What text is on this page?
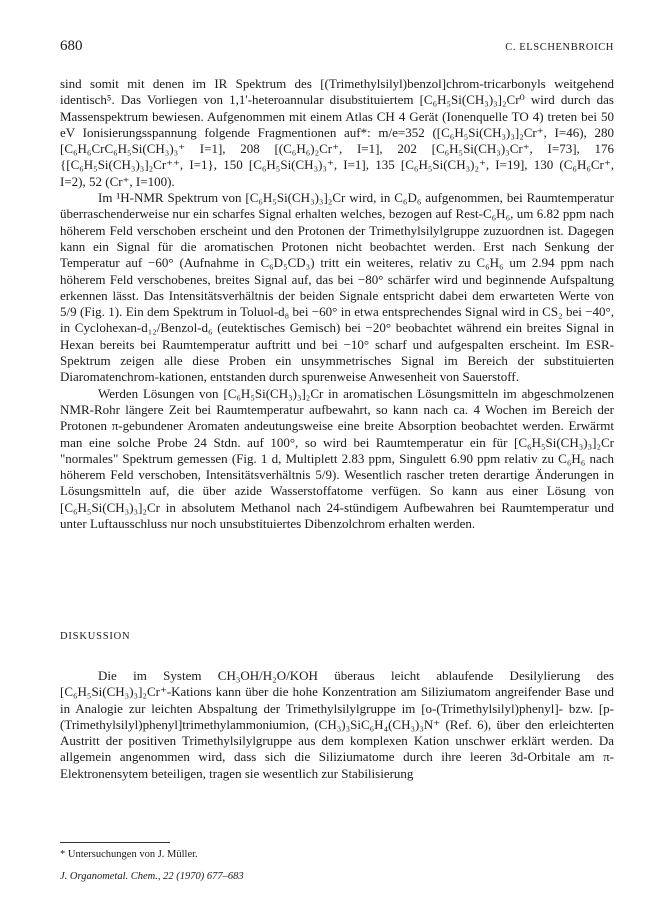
680	C. ELSCHENBROICH

sind somit mit denen im IR Spektrum des [(Trimethylsilyl)benzol]chrom-tricarbonyls weitgehend identisch⁵. Das Vorliegen von 1,1'-heteroannular disubstituiertem [C₆H₅Si(CH₃)₃]₂Cr⁰ wird durch das Massenspektrum bewiesen. Aufgenommen mit einem Atlas CH 4 Gerät (Ionenquelle TO 4) treten bei 50 eV Ionisierungsspannung folgende Fragmentionen auf*: m/e=352 ([C₆H₅Si(CH₃)₃]₂Cr⁺, I=46), 280 [C₆H₆CrC₆H₅Si(CH₃)₃⁺ I=1], 208 [(C₆H₆)₂Cr⁺, I=1], 202 [C₆H₅Si(CH₃)₃Cr⁺, I=73], 176 {[C₆H₅Si(CH₃)₃]₂Cr⁺⁺, I=1}, 150 [C₆H₅Si(CH₃)₃⁺, I=1], 135 [C₆H₅Si(CH₃)₂⁺, I=19], 130 (C₆H₆Cr⁺, I=2), 52 (Cr⁺, I=100).

Im ¹H-NMR Spektrum von [C₆H₅Si(CH₃)₃]₂Cr wird, in C₆D₆ aufgenommen, bei Raumtemperatur überraschenderweise nur ein scharfes Signal erhalten welches, bezogen auf Rest-C₆H₆, um 6.82 ppm nach höherem Feld verschoben erscheint und den Protonen der Trimethylsilylgruppe zuzuordnen ist. Dagegen kann ein Signal für die aromatischen Protonen nicht beobachtet werden. Erst nach Senkung der Temperatur auf −60° (Aufnahme in C₆D₅CD₃) tritt ein weiteres, relativ zu C₆H₆ um 2.94 ppm nach höherem Feld verschobenes, breites Signal auf, das bei −80° schärfer wird und beginnende Aufspaltung erkennen lässt. Das Intensitätsverhältnis der beiden Signale entspricht dabei dem erwarteten Werte von 5/9 (Fig. 1). Ein dem Spektrum in Toluol-d₈ bei −60° in etwa entsprechendes Signal wird in CS₂ bei −40°, in Cyclohexan-d₁₂/Benzol-d₆ (eutektisches Gemisch) bei −20° beobachtet während ein breites Signal in Hexan bereits bei Raumtemperatur auftritt und bei −10° scharf und aufgespalten erscheint. Im ESR-Spektrum zeigen alle diese Proben ein unsymmetrisches Signal im Bereich der substituierten Diaromatenchrom-kationen, entstanden durch spurenweise Anwesenheit von Sauerstoff.

Werden Lösungen von [C₆H₅Si(CH₃)₃]₂Cr in aromatischen Lösungsmitteln im abgeschmolzenen NMR-Rohr längere Zeit bei Raumtemperatur aufbewahrt, so kann nach ca. 4 Wochen im Bereich der Protonen π-gebundener Aromaten andeutungsweise eine breite Absorption beobachtet werden. Erwärmt man eine solche Probe 24 Stdn. auf 100°, so wird bei Raumtemperatur ein für [C₆H₅Si(CH₃)₃]₂Cr "normales" Spektrum gemessen (Fig. 1 d, Multiplett 2.83 ppm, Singulett 6.90 ppm relativ zu C₆H₆ nach höherem Feld verschoben, Intensitätsverhältnis 5/9). Wesentlich rascher treten derartige Änderungen in Lösungsmitteln auf, die über azide Wasserstoffatome verfügen. So kann aus einer Lösung von [C₆H₅Si(CH₃)₃]₂Cr in absolutem Methanol nach 24-stündigem Aufbewahren bei Raumtemperatur und unter Luftausschluss nur noch unsubstituiertes Dibenzolchrom erhalten werden.

DISKUSSION

Die im System CH₃OH/H₂O/KOH überaus leicht ablaufende Desilylierung des [C₆H₅Si(CH₃)₃]₂Cr⁺-Kations kann über die hohe Konzentration am Siliziumatom angreifender Base und in Analogie zur leichten Abspaltung der Trimethylsilylgruppe im [o-(Trimethylsilyl)phenyl]- bzw. [p-(Trimethylsilyl)phenyl]trimethylammoniumion, (CH₃)₃SiC₆H₄(CH₃)₃N⁺ (Ref. 6), über den erleichterten Austritt der positiven Trimethylsilylgruppe aus dem komplexen Kation unschwer erklärt werden. Da allgemein angenommen wird, dass sich die Siliziumatome durch ihre leeren 3d-Orbitale am π-Elektronensytem beteiligen, tragen sie wesentlich zur Stabilisierung

* Untersuchungen von J. Müller.
J. Organometal. Chem., 22 (1970) 677–683
